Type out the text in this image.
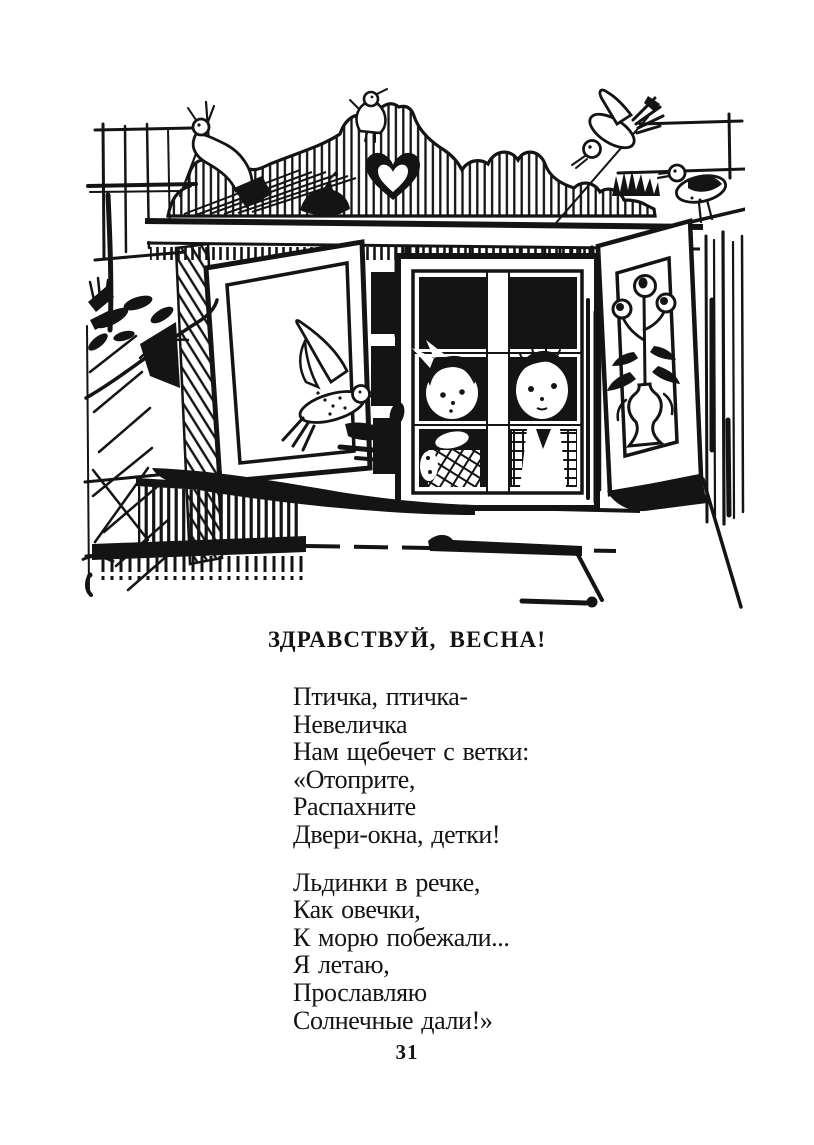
ЗДРАВСТВУЙ, ВЕСНА!
Птичка, птичка-
Невеличка
Нам щебечет с ветки:
«Отоприте,
Распахните
Двери-окна, детки!
Льдинки в речке,
Как овечки,
К морю побежали...
Я летаю,
Прославляю
Солнечные дали!»
31
